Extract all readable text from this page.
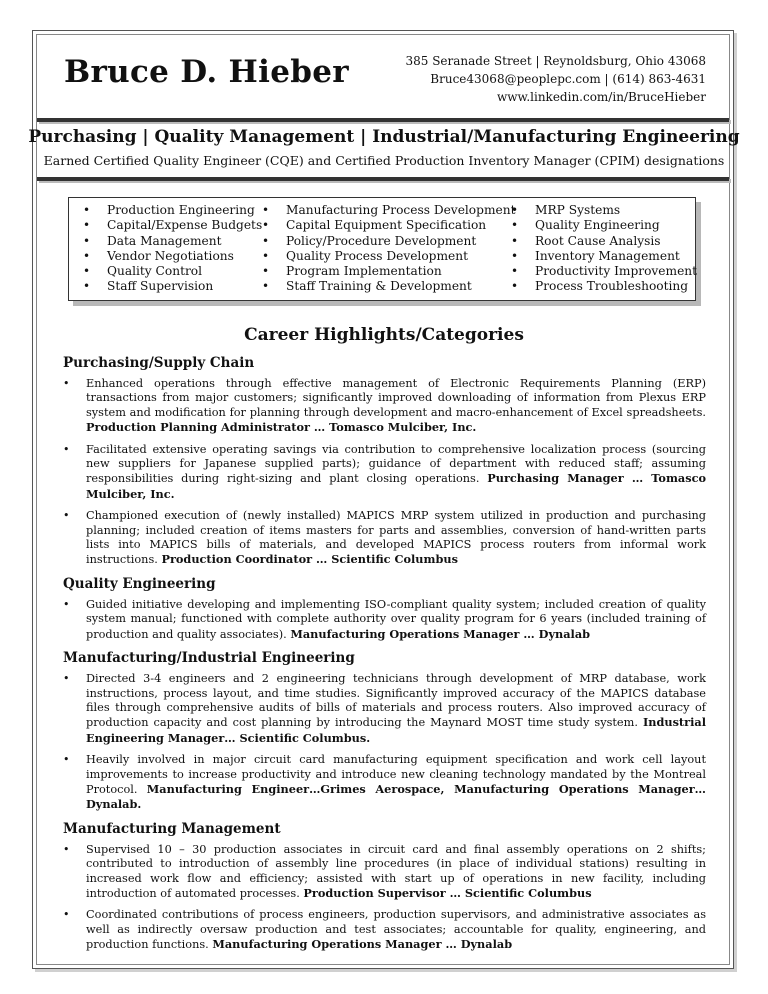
Bruce D. Hieber	385 Seranade Street | Reynoldsburg, Ohio 43068
Bruce43068@peoplepc.com | (614) 863-4631
www.linkedin.com/in/BruceHieber
Purchasing | Quality Management | Industrial/Manufacturing Engineering
Earned Certified Quality Engineer (CQE) and Certified Production Inventory Manager (CPIM) designations
• Production Engineering
• Capital/Expense Budgets
• Data Management
• Vendor Negotiations
• Quality Control
• Staff Supervision
• Manufacturing Process Development
• Capital Equipment Specification
• Policy/Procedure Development
• Quality Process Development
• Program Implementation
• Staff Training & Development
• MRP Systems
• Quality Engineering
• Root Cause Analysis
• Inventory Management
• Productivity Improvement
• Process Troubleshooting
Career Highlights/Categories
Purchasing/Supply Chain
• Enhanced operations through effective management of Electronic Requirements Planning (ERP) transactions from major customers; significantly improved downloading of information from Plexus ERP system and modification for planning through development and macro-enhancement of Excel spreadsheets. Production Planning Administrator … Tomasco Mulciber, Inc.
• Facilitated extensive operating savings via contribution to comprehensive localization process (sourcing new suppliers for Japanese supplied parts); guidance of department with reduced staff; assuming responsibilities during right-sizing and plant closing operations. Purchasing Manager … Tomasco Mulciber, Inc.
• Championed execution of (newly installed) MAPICS MRP system utilized in production and purchasing planning; included creation of items masters for parts and assemblies, conversion of hand-written parts lists into MAPICS bills of materials, and developed MAPICS process routers from informal work instructions. Production Coordinator … Scientific Columbus
Quality Engineering
• Guided initiative developing and implementing ISO-compliant quality system; included creation of quality system manual; functioned with complete authority over quality program for 6 years (included training of production and quality associates). Manufacturing Operations Manager … Dynalab
Manufacturing/Industrial Engineering
• Directed 3-4 engineers and 2 engineering technicians through development of MRP database, work instructions, process layout, and time studies. Significantly improved accuracy of the MAPICS database files through comprehensive audits of bills of materials and process routers. Also improved accuracy of production capacity and cost planning by introducing the Maynard MOST time study system. Industrial Engineering Manager… Scientific Columbus.
• Heavily involved in major circuit card manufacturing equipment specification and work cell layout improvements to increase productivity and introduce new cleaning technology mandated by the Montreal Protocol. Manufacturing Engineer…Grimes Aerospace, Manufacturing Operations Manager… Dynalab.
Manufacturing Management
• Supervised 10 – 30 production associates in circuit card and final assembly operations on 2 shifts; contributed to introduction of assembly line procedures (in place of individual stations) resulting in increased work flow and efficiency; assisted with start up of operations in new facility, including introduction of automated processes. Production Supervisor … Scientific Columbus
• Coordinated contributions of process engineers, production supervisors, and administrative associates as well as indirectly oversaw production and test associates; accountable for quality, engineering, and production functions. Manufacturing Operations Manager … Dynalab
